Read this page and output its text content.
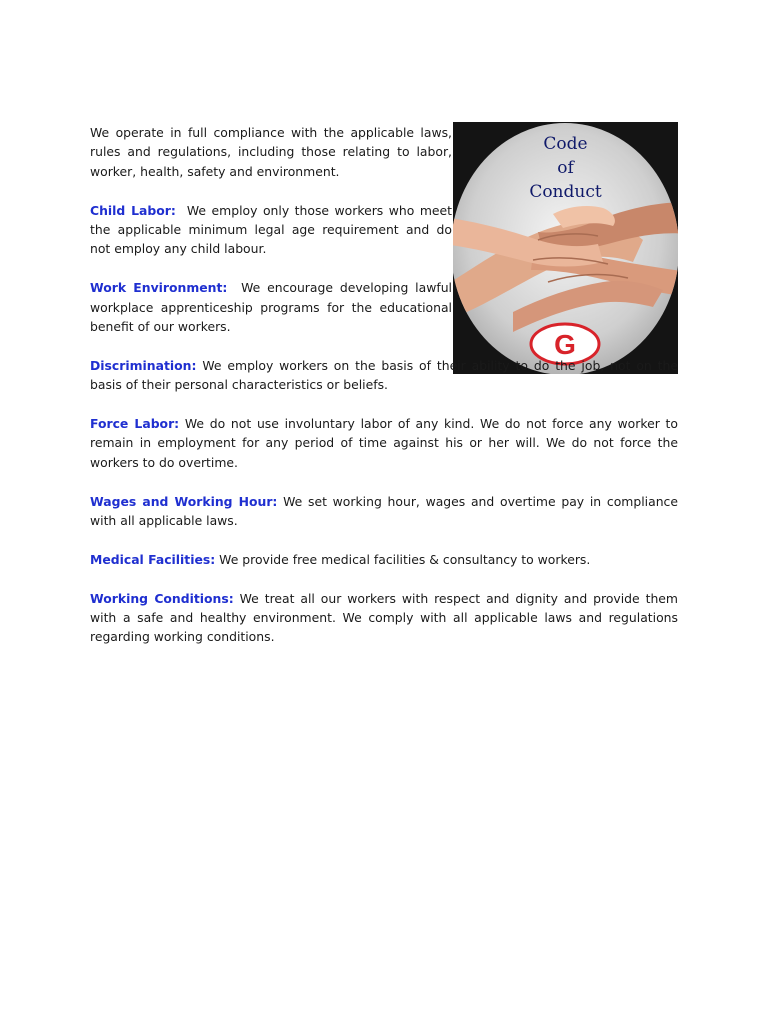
G
Code
of
Conduct

We operate in full compliance with the applicable laws, rules and regulations, including those relating to labor, worker, health, safety and environment.

Child Labor: We employ only those workers who meet the applicable minimum legal age requirement and do not employ any child labour.

Work Environment: We encourage developing lawful workplace apprenticeship programs for the educational benefit of our workers.

Discrimination: We employ workers on the basis of their ability to do the job, not on the basis of their personal characteristics or beliefs.

Force Labor: We do not use involuntary labor of any kind. We do not force any worker to remain in employment for any period of time against his or her will. We do not force the workers to do overtime.

Wages and Working Hour: We set working hour, wages and overtime pay in compliance with all applicable laws.

Medical Facilities: We provide free medical facilities & consultancy to workers.

Working Conditions: We treat all our workers with respect and dignity and provide them with a safe and healthy environment. We comply with all applicable laws and regulations regarding working conditions.
